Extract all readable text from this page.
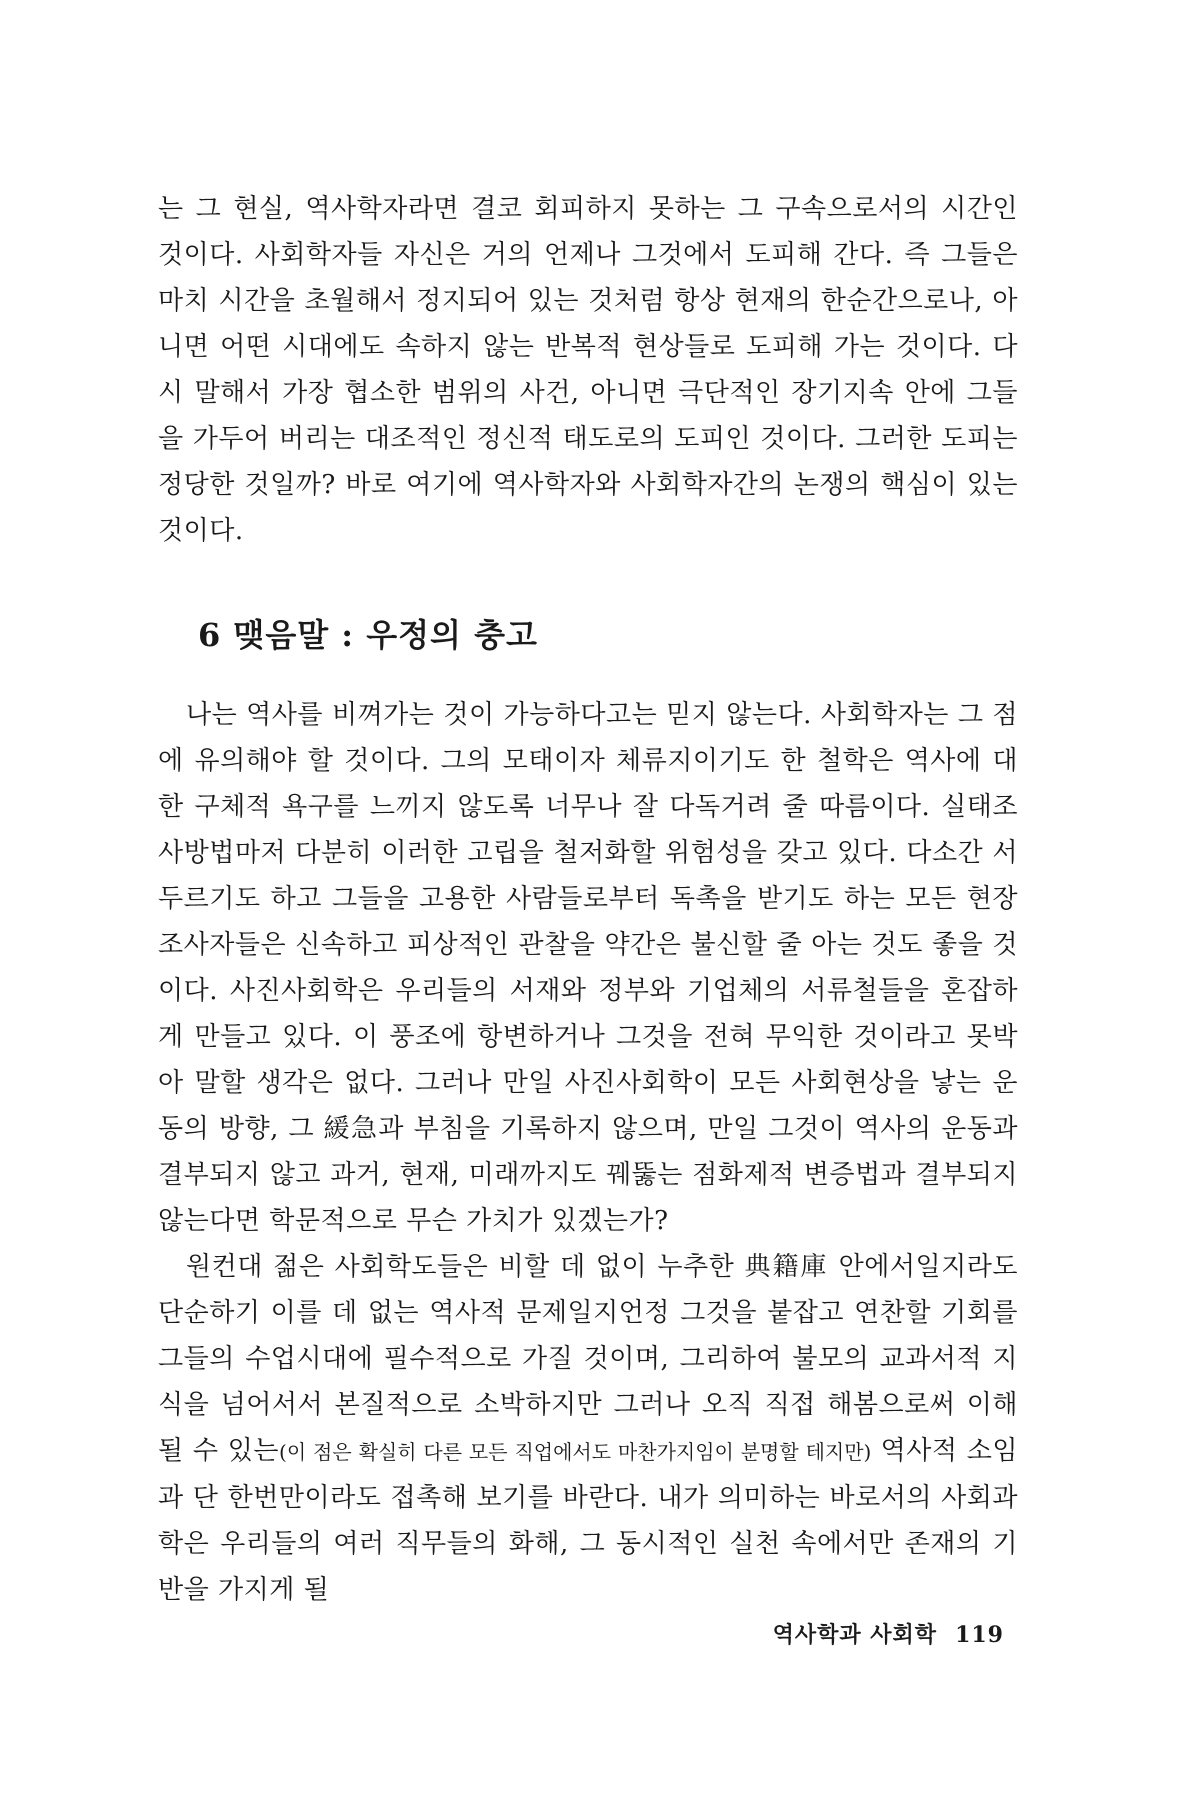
는 그 현실, 역사학자라면 결코 회피하지 못하는 그 구속으로서의 시간인 것이다. 사회학자들 자신은 거의 언제나 그것에서 도피해 간다. 즉 그들은 마치 시간을 초월해서 정지되어 있는 것처럼 항상 현재의 한순간으로나, 아니면 어떤 시대에도 속하지 않는 반복적 현상들로 도피해 가는 것이다. 다시 말해서 가장 협소한 범위의 사건, 아니면 극단적인 장기지속 안에 그들을 가두어 버리는 대조적인 정신적 태도로의 도피인 것이다. 그러한 도피는 정당한 것일까? 바로 여기에 역사학자와 사회학자간의 논쟁의 핵심이 있는 것이다.

6 맺음말 : 우정의 충고

나는 역사를 비껴가는 것이 가능하다고는 믿지 않는다. 사회학자는 그 점에 유의해야 할 것이다. 그의 모태이자 체류지이기도 한 철학은 역사에 대한 구체적 욕구를 느끼지 않도록 너무나 잘 다독거려 줄 따름이다. 실태조사방법마저 다분히 이러한 고립을 철저화할 위험성을 갖고 있다. 다소간 서두르기도 하고 그들을 고용한 사람들로부터 독촉을 받기도 하는 모든 현장조사자들은 신속하고 피상적인 관찰을 약간은 불신할 줄 아는 것도 좋을 것이다. 사진사회학은 우리들의 서재와 정부와 기업체의 서류철들을 혼잡하게 만들고 있다. 이 풍조에 항변하거나 그것을 전혀 무익한 것이라고 못박아 말할 생각은 없다. 그러나 만일 사진사회학이 모든 사회현상을 낳는 운동의 방향, 그 緩急과 부침을 기록하지 않으며, 만일 그것이 역사의 운동과 결부되지 않고 과거, 현재, 미래까지도 꿰뚫는 점화제적 변증법과 결부되지 않는다면 학문적으로 무슨 가치가 있겠는가?

원컨대 젊은 사회학도들은 비할 데 없이 누추한 典籍庫 안에서일지라도 단순하기 이를 데 없는 역사적 문제일지언정 그것을 붙잡고 연찬할 기회를 그들의 수업시대에 필수적으로 가질 것이며, 그리하여 불모의 교과서적 지식을 넘어서서 본질적으로 소박하지만 그러나 오직 직접 해봄으로써 이해될 수 있는(이 점은 확실히 다른 모든 직업에서도 마찬가지임이 분명할 테지만) 역사적 소임과 단 한번만이라도 접촉해 보기를 바란다. 내가 의미하는 바로서의 사회과학은 우리들의 여러 직무들의 화해, 그 동시적인 실천 속에서만 존재의 기반을 가지게 될

역사학과 사회학 119
